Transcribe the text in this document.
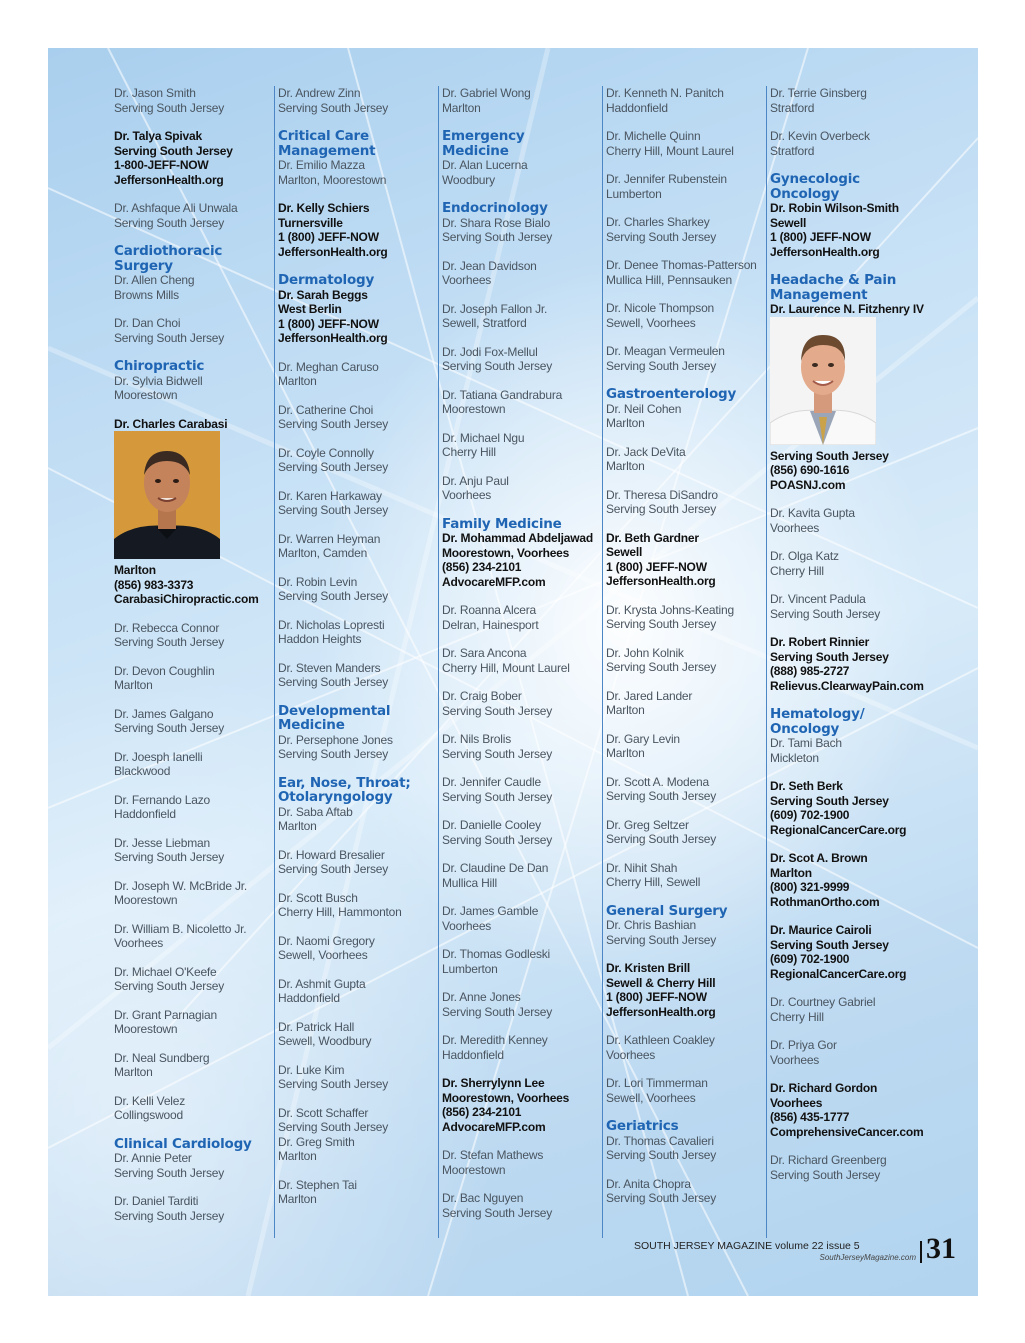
Dr. Jason Smith
Serving South Jersey
Dr. Talya Spivak
Serving South Jersey
1-800-JEFF-NOW
JeffersonHealth.org
Dr. Ashfaque Ali Unwala
Serving South Jersey
Cardiothoracic
Surgery
Dr. Allen Cheng
Browns Mills
Dr. Dan Choi
Serving South Jersey
Chiropractic
Dr. Sylvia Bidwell
Moorestown
Dr. Charles Carabasi
Marlton
(856) 983-3373
CarabasiChiropractic.com
Dr. Rebecca Connor
Serving South Jersey
Dr. Devon Coughlin
Marlton
Dr. James Galgano
Serving South Jersey
Dr. Joesph Ianelli
Blackwood
Dr. Fernando Lazo
Haddonfield
Dr. Jesse Liebman
Serving South Jersey
Dr. Joseph W. McBride Jr.
Moorestown
Dr. William B. Nicoletto Jr.
Voorhees
Dr. Michael O'Keefe
Serving South Jersey
Dr. Grant Parnagian
Moorestown
Dr. Neal Sundberg
Marlton
Dr. Kelli Velez
Collingswood
Clinical Cardiology
Dr. Annie Peter
Serving South Jersey
Dr. Daniel Tarditi
Serving South Jersey
Dr. Andrew Zinn
Serving South Jersey
Critical Care
Management
Dr. Emilio Mazza
Marlton, Moorestown
Dr. Kelly Schiers
Turnersville
1 (800) JEFF-NOW
JeffersonHealth.org
Dermatology
Dr. Sarah Beggs
West Berlin
1 (800) JEFF-NOW
JeffersonHealth.org
Dr. Meghan Caruso
Marlton
Dr. Catherine Choi
Serving South Jersey
Dr. Coyle Connolly
Serving South Jersey
Dr. Karen Harkaway
Serving South Jersey
Dr. Warren Heyman
Marlton, Camden
Dr. Robin Levin
Serving South Jersey
Dr. Nicholas Lopresti
Haddon Heights
Dr. Steven Manders
Serving South Jersey
Developmental
Medicine
Dr. Persephone Jones
Serving South Jersey
Ear, Nose, Throat;
Otolaryngology
Dr. Saba Aftab
Marlton
Dr. Howard Bresalier
Serving South Jersey
Dr. Scott Busch
Cherry Hill, Hammonton
Dr. Naomi Gregory
Sewell, Voorhees
Dr. Ashmit Gupta
Haddonfield
Dr. Patrick Hall
Sewell, Woodbury
Dr. Luke Kim
Serving South Jersey
Dr. Scott Schaffer
Serving South Jersey
Dr. Greg Smith
Marlton
Dr. Stephen Tai
Marlton
Dr. Gabriel Wong
Marlton
Emergency
Medicine
Dr. Alan Lucerna
Woodbury
Endocrinology
Dr. Shara Rose Bialo
Serving South Jersey
Dr. Jean Davidson
Voorhees
Dr. Joseph Fallon Jr.
Sewell, Stratford
Dr. Jodi Fox-Mellul
Serving South Jersey
Dr. Tatiana Gandrabura
Moorestown
Dr. Michael Ngu
Cherry Hill
Dr. Anju Paul
Voorhees
Family Medicine
Dr. Mohammad Abdeljawad
Moorestown, Voorhees
(856) 234-2101
AdvocareMFP.com
Dr. Roanna Alcera
Delran, Hainesport
Dr. Sara Ancona
Cherry Hill, Mount Laurel
Dr. Craig Bober
Serving South Jersey
Dr. Nils Brolis
Serving South Jersey
Dr. Jennifer Caudle
Serving South Jersey
Dr. Danielle Cooley
Serving South Jersey
Dr. Claudine De Dan
Mullica Hill
Dr. James Gamble
Voorhees
Dr. Thomas Godleski
Lumberton
Dr. Anne Jones
Serving South Jersey
Dr. Meredith Kenney
Haddonfield
Dr. Sherrylynn Lee
Moorestown, Voorhees
(856) 234-2101
AdvocareMFP.com
Dr. Stefan Mathews
Moorestown
Dr. Bac Nguyen
Serving South Jersey
Dr. Kenneth N. Panitch
Haddonfield
Dr. Michelle Quinn
Cherry Hill, Mount Laurel
Dr. Jennifer Rubenstein
Lumberton
Dr. Charles Sharkey
Serving South Jersey
Dr. Denee Thomas-Patterson
Mullica Hill, Pennsauken
Dr. Nicole Thompson
Sewell, Voorhees
Dr. Meagan Vermeulen
Serving South Jersey
Gastroenterology
Dr. Neil Cohen
Marlton
Dr. Jack DeVita
Marlton
Dr. Theresa DiSandro
Serving South Jersey
Dr. Beth Gardner
Sewell
1 (800) JEFF-NOW
JeffersonHealth.org
Dr. Krysta Johns-Keating
Serving South Jersey
Dr. John Kolnik
Serving South Jersey
Dr. Jared Lander
Marlton
Dr. Gary Levin
Marlton
Dr. Scott A. Modena
Serving South Jersey
Dr. Greg Seltzer
Serving South Jersey
Dr. Nihit Shah
Cherry Hill, Sewell
General Surgery
Dr. Chris Bashian
Serving South Jersey
Dr. Kristen Brill
Sewell & Cherry Hill
1 (800) JEFF-NOW
JeffersonHealth.org
Dr. Kathleen Coakley
Voorhees
Dr. Lori Timmerman
Sewell, Voorhees
Geriatrics
Dr. Thomas Cavalieri
Serving South Jersey
Dr. Anita Chopra
Serving South Jersey
Dr. Terrie Ginsberg
Stratford
Dr. Kevin Overbeck
Stratford
Gynecologic
Oncology
Dr. Robin Wilson-Smith
Sewell
1 (800) JEFF-NOW
JeffersonHealth.org
Headache & Pain
Management
Dr. Laurence N. Fitzhenry IV
Serving South Jersey
(856) 690-1616
POASNJ.com
Dr. Kavita Gupta
Voorhees
Dr. Olga Katz
Cherry Hill
Dr. Vincent Padula
Serving South Jersey
Dr. Robert Rinnier
Serving South Jersey
(888) 985-2727
Relievus.ClearwayPain.com
Hematology/
Oncology
Dr. Tami Bach
Mickleton
Dr. Seth Berk
Serving South Jersey
(609) 702-1900
RegionalCancerCare.org
Dr. Scot A. Brown
Marlton
(800) 321-9999
RothmanOrtho.com
Dr. Maurice Cairoli
Serving South Jersey
(609) 702-1900
RegionalCancerCare.org
Dr. Courtney Gabriel
Cherry Hill
Dr. Priya Gor
Voorhees
Dr. Richard Gordon
Voorhees
(856) 435-1777
ComprehensiveCancer.com
Dr. Richard Greenberg
Serving South Jersey
SOUTH JERSEY MAGAZINE volume 22 issue 5
SouthJerseyMagazine.com 31
